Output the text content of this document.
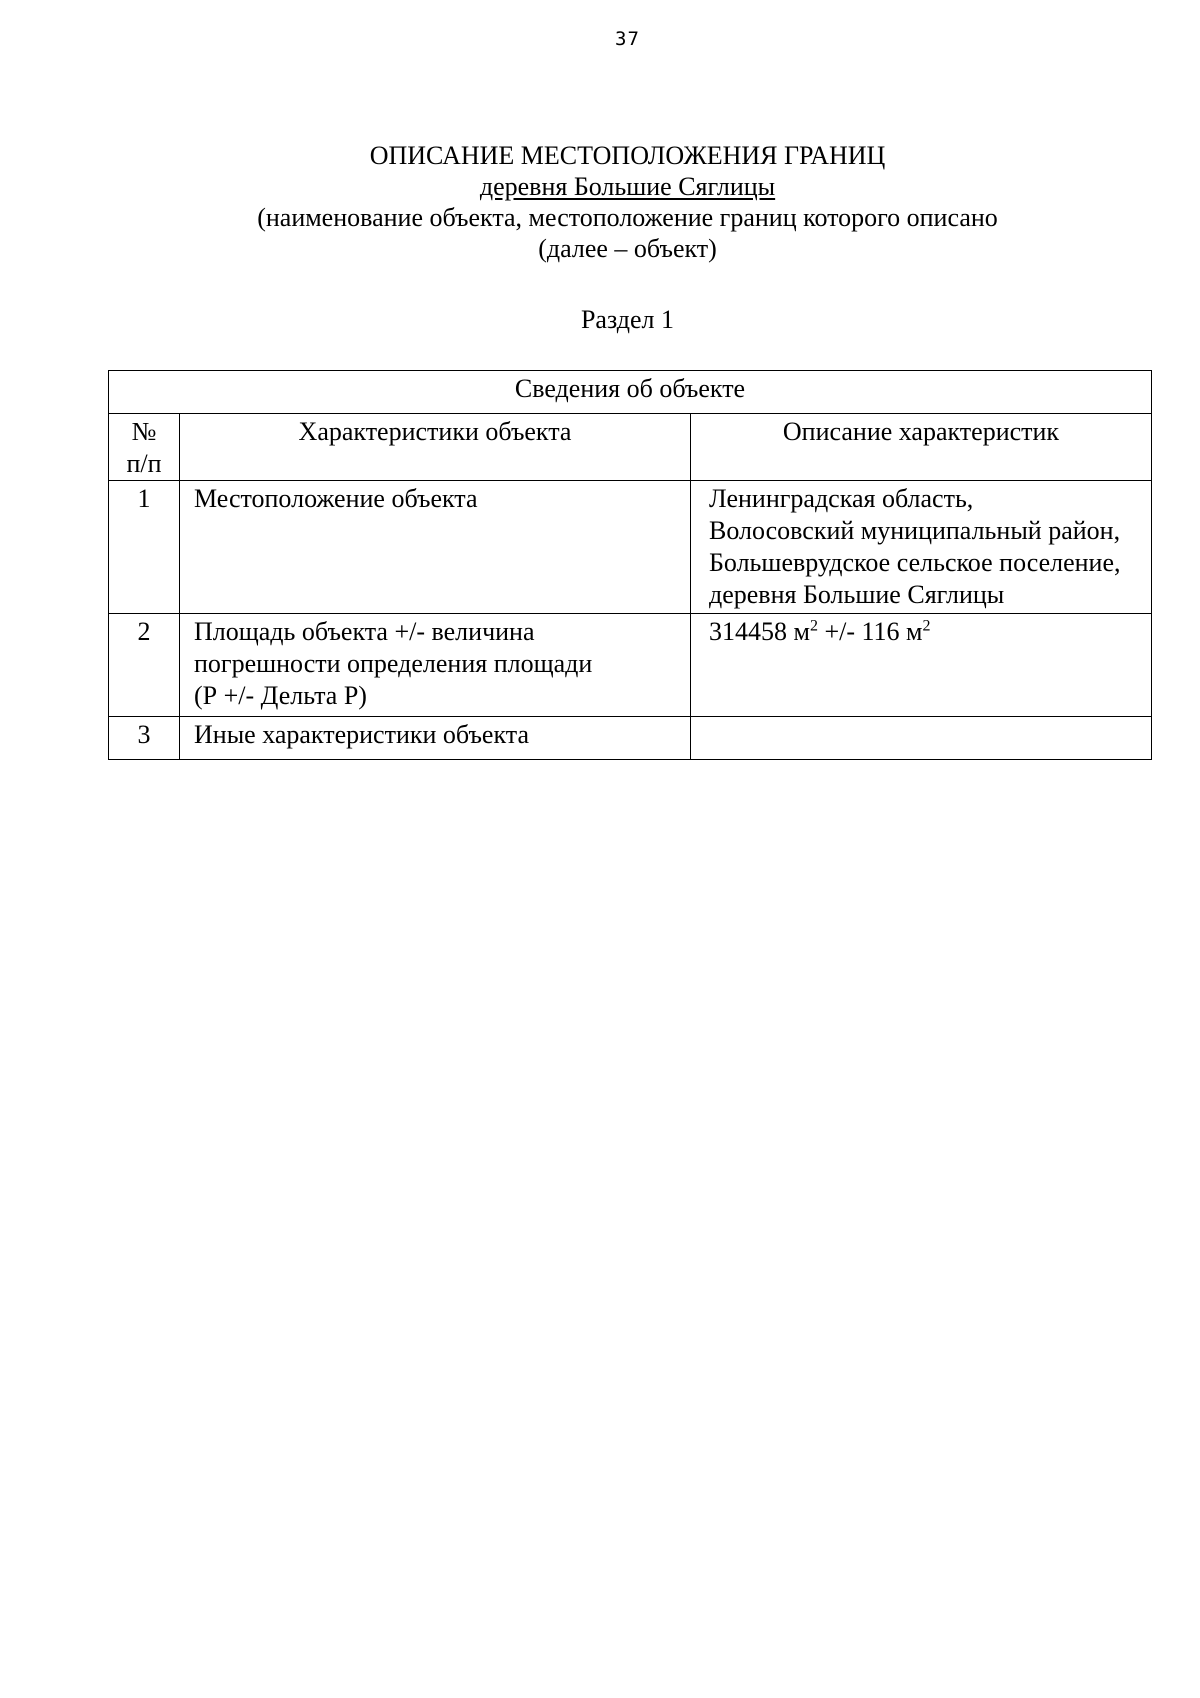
37
ОПИСАНИЕ МЕСТОПОЛОЖЕНИЯ ГРАНИЦ
деревня Большие Сяглицы
(наименование объекта, местоположение границ которого описано
(далее – объект)
Раздел 1
Сведения об объекте		

№
п/п	Характеристики объекта	Описание характеристик
1	Местоположение объекта	Ленинградская область,
Волосовский муниципальный район,
Большеврудское сельское поселение,
деревня Большие Сяглицы

2	Площадь объекта +/- величина
погрешности определения площади
(Р +/- Дельта Р)	314458 $м^2$ +/- 116 $м^2$
3	Иные характеристики объекта	
